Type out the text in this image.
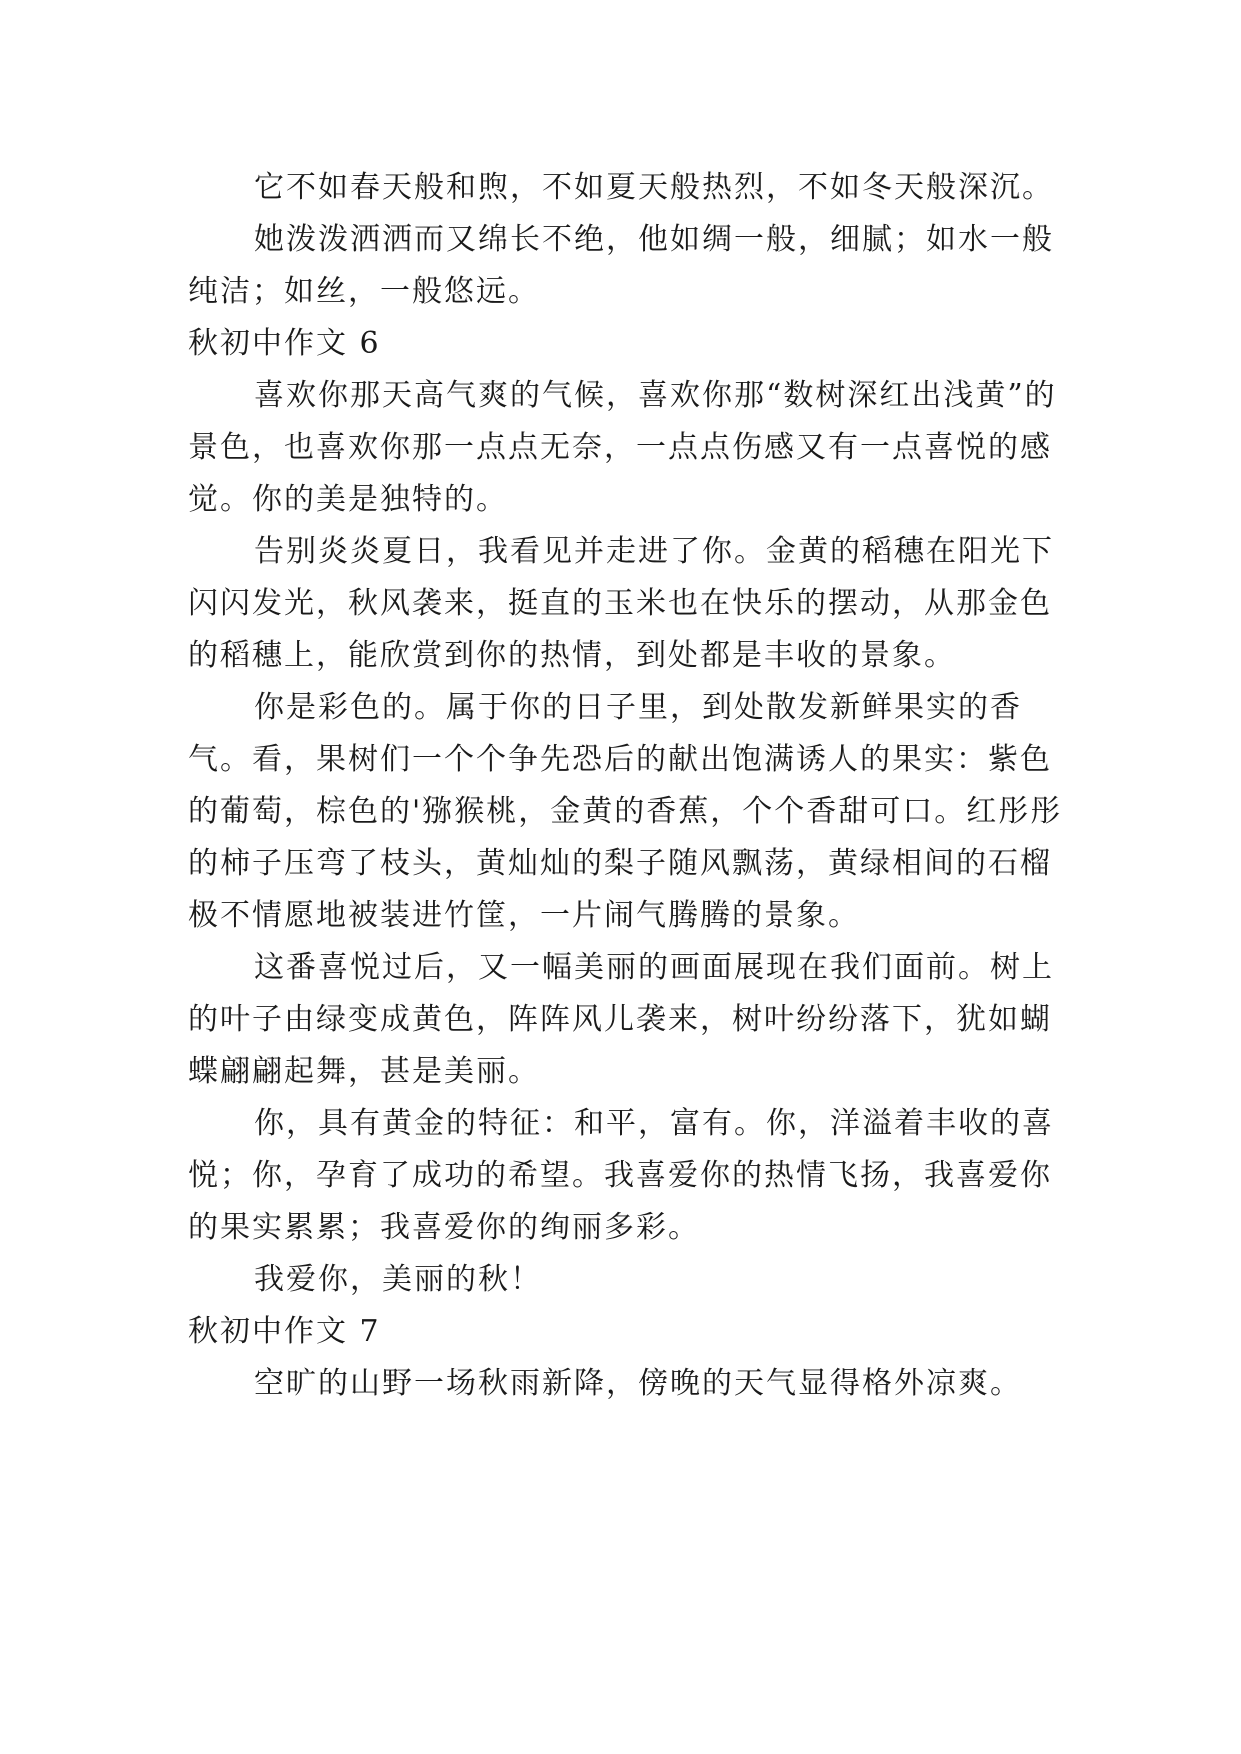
它不如春天般和煦，不如夏天般热烈，不如冬天般深沉。

她泼泼洒洒而又绵长不绝，他如绸一般，细腻；如水一般纯洁；如丝，一般悠远。

秋初中作文 6

喜欢你那天高气爽的气候，喜欢你那“数树深红出浅黄”的景色，也喜欢你那一点点无奈，一点点伤感又有一点喜悦的感觉。你的美是独特的。

告别炎炎夏日，我看见并走进了你。金黄的稻穗在阳光下闪闪发光，秋风袭来，挺直的玉米也在快乐的摆动，从那金色的稻穗上，能欣赏到你的热情，到处都是丰收的景象。

你是彩色的。属于你的日子里，到处散发新鲜果实的香气。看，果树们一个个争先恐后的献出饱满诱人的果实：紫色的葡萄，棕色的'猕猴桃，金黄的香蕉，个个香甜可口。红彤彤的柿子压弯了枝头，黄灿灿的梨子随风飘荡，黄绿相间的石榴极不情愿地被装进竹筐，一片闹气腾腾的景象。

这番喜悦过后，又一幅美丽的画面展现在我们面前。树上的叶子由绿变成黄色，阵阵风儿袭来，树叶纷纷落下，犹如蝴蝶翩翩起舞，甚是美丽。

你，具有黄金的特征：和平，富有。你，洋溢着丰收的喜悦；你，孕育了成功的希望。我喜爱你的热情飞扬，我喜爱你的果实累累；我喜爱你的绚丽多彩。

我爱你，美丽的秋！

秋初中作文 7

空旷的山野一场秋雨新降，傍晚的天气显得格外凉爽。
